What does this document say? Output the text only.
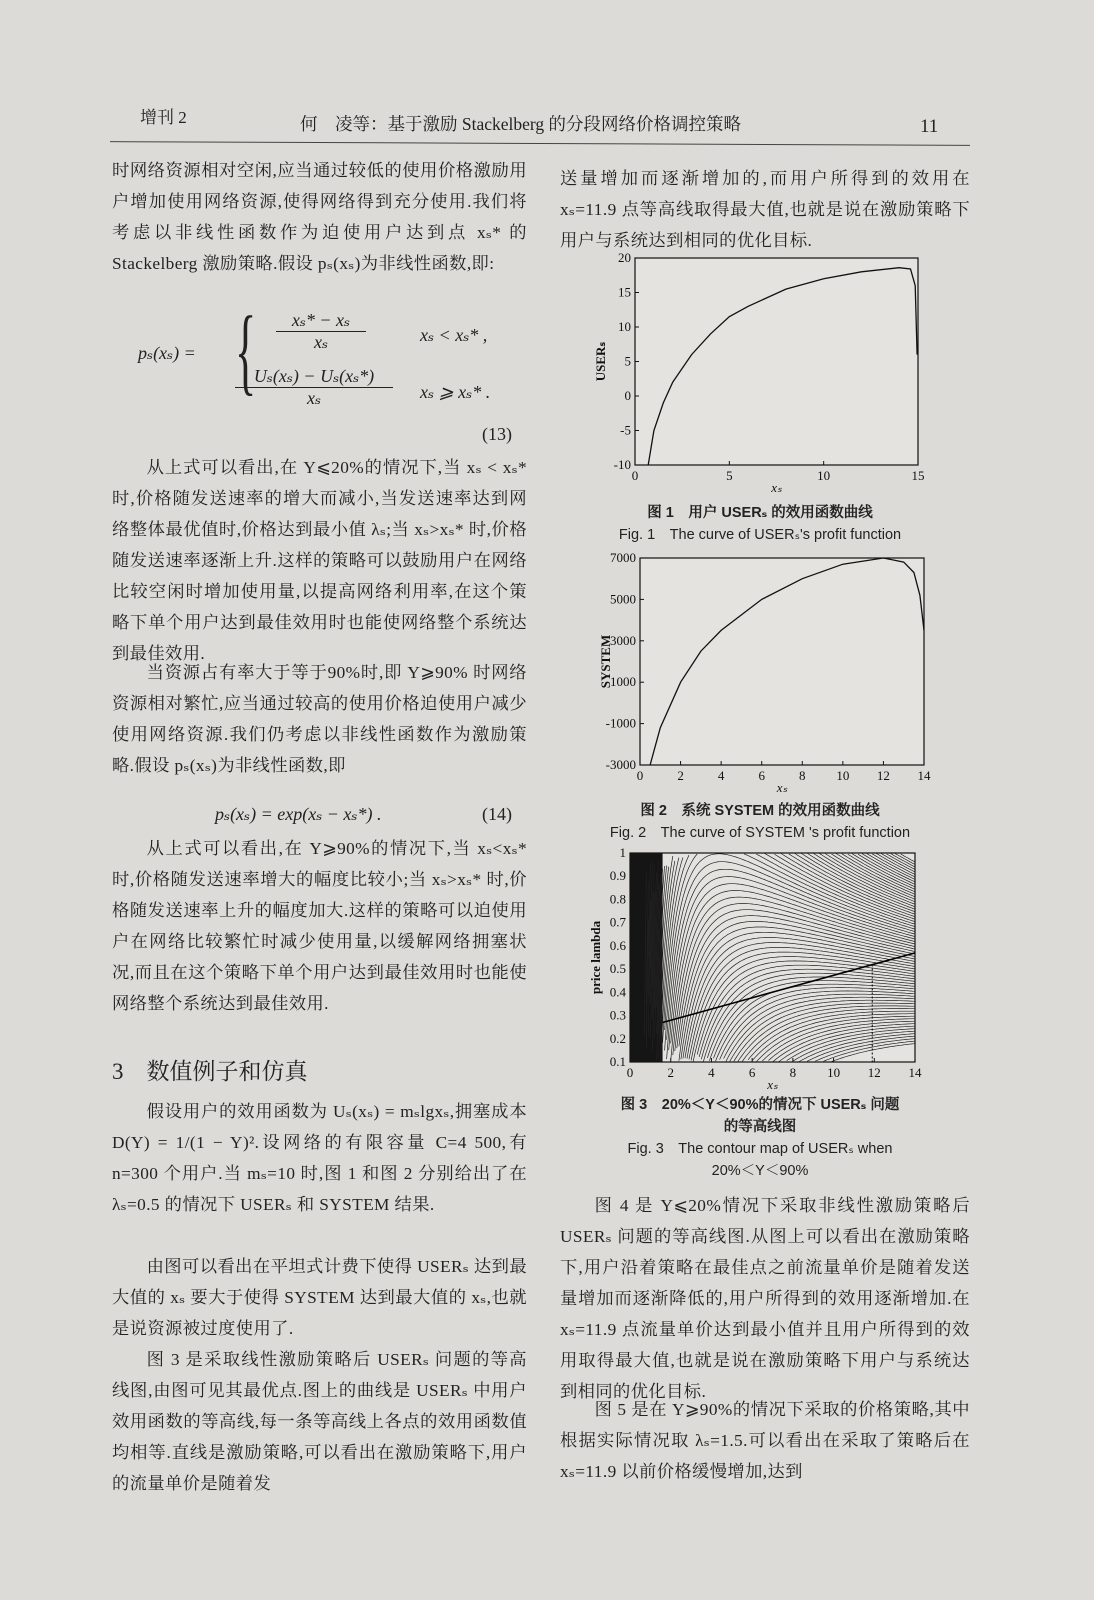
增刊 2	何　凌等：基于激励 Stackelberg 的分段网络价格调控策略	11

时网络资源相对空闲,应当通过较低的使用价格激励用户增加使用网络资源,使得网络得到充分使用.我们将考虑以非线性函数作为迫使用户达到点 xₛ* 的 Stackelberg 激励策略.假设 pₛ(xₛ)为非线性函数,即:

pₛ(xₛ) = {	xₛ* − xₛ
xₛ	xₛ < xₛ* ,
Uₛ(xₛ) − Uₛ(xₛ*)
xₛ	xₛ ⩾ xₛ* .
(13)

从上式可以看出,在 Y⩽20%的情况下,当 xₛ < xₛ* 时,价格随发送速率的增大而减小,当发送速率达到网络整体最优值时,价格达到最小值 λₛ;当 xₛ>xₛ* 时,价格随发送速率逐渐上升.这样的策略可以鼓励用户在网络比较空闲时增加使用量,以提高网络利用率,在这个策略下单个用户达到最佳效用时也能使网络整个系统达到最佳效用.

当资源占有率大于等于90%时,即 Y⩾90% 时网络资源相对繁忙,应当通过较高的使用价格迫使用户减少使用网络资源.我们仍考虑以非线性函数作为激励策略.假设 pₛ(xₛ)为非线性函数,即

pₛ(xₛ) = exp(xₛ − xₛ*) .	(14)

从上式可以看出,在 Y⩾90%的情况下,当 xₛ<xₛ* 时,价格随发送速率增大的幅度比较小;当 xₛ>xₛ* 时,价格随发送速率上升的幅度加大.这样的策略可以迫使用户在网络比较繁忙时减少使用量,以缓解网络拥塞状况,而且在这个策略下单个用户达到最佳效用时也能使网络整个系统达到最佳效用.

3　数值例子和仿真

假设用户的效用函数为 Uₛ(xₛ) = mₛlgxₛ,拥塞成本 D(Y) = 1/(1 − Y)².设网络的有限容量 C=4 500,有 n=300 个用户.当 mₛ=10 时,图 1 和图 2 分别给出了在 λₛ=0.5 的情况下 USERₛ 和 SYSTEM 结果.

由图可以看出在平坦式计费下使得 USERₛ 达到最大值的 xₛ 要大于使得 SYSTEM 达到最大值的 xₛ,也就是说资源被过度使用了.

图 3 是采取线性激励策略后 USERₛ 问题的等高线图,由图可见其最优点.图上的曲线是 USERₛ 中用户效用函数的等高线,每一条等高线上各点的效用函数值均相等.直线是激励策略,可以看出在激励策略下,用户的流量单价是随着发

送量增加而逐渐增加的,而用户所得到的效用在 xₛ=11.9 点等高线取得最大值,也就是说在激励策略下用户与系统达到相同的优化目标.

0	5	10	15
-10
-5
0
5
10
15
20
xₛ
USERₛ
图 1　用户 USERₛ 的效用函数曲线
Fig. 1　The curve of USERₛ's profit function
0	2	4	6	8 10 12 14
-3000
-1000
1000
3000
5000
7000
xₛ
SYSTEM
图 2　系统 SYSTEM 的效用函数曲线
Fig. 2　The curve of SYSTEM 's profit function
0	2	4	6	8 10 12 14
0.1
0.2
0.3
0.4
0.5
0.6
0.7
0.8
0.9
1
xₛ
price lambda
图 3　20%＜Y＜90%的情况下 USERₛ 问题
的等高线图
Fig. 3　The contour map of USERₛ when
20%＜Y＜90%

图 4 是 Y⩽20%情况下采取非线性激励策略后 USERₛ 问题的等高线图.从图上可以看出在激励策略下,用户沿着策略在最佳点之前流量单价是随着发送量增加而逐渐降低的,用户所得到的效用逐渐增加.在 xₛ=11.9 点流量单价达到最小值并且用户所得到的效用取得最大值,也就是说在激励策略下用户与系统达到相同的优化目标.

图 5 是在 Y⩾90%的情况下采取的价格策略,其中根据实际情况取 λₛ=1.5.可以看出在采取了策略后在 xₛ=11.9 以前价格缓慢增加,达到
